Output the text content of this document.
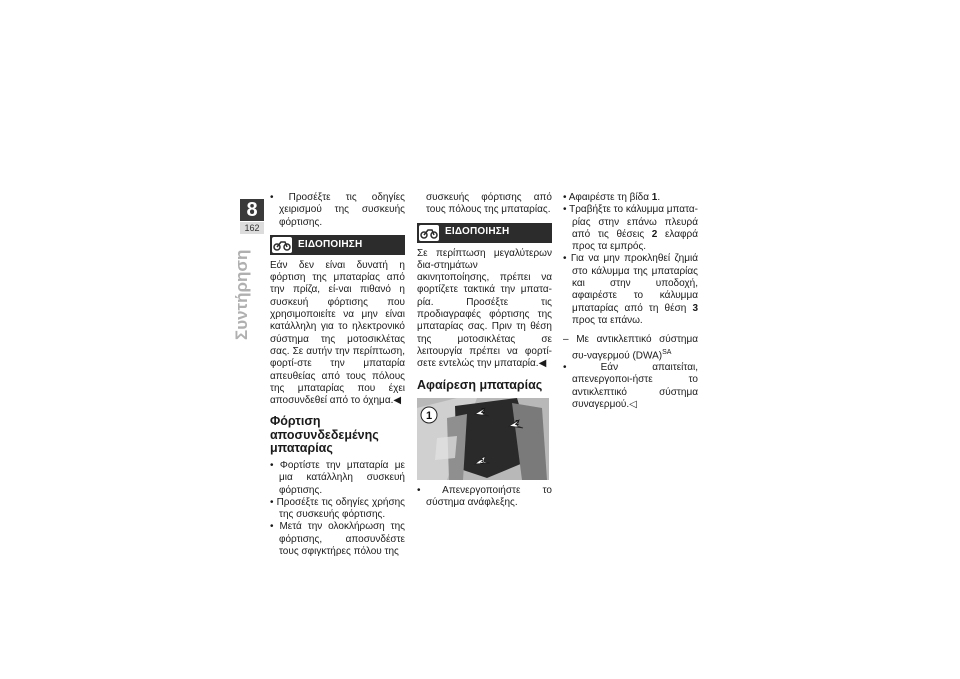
8
162
Συντήρηση

• Προσέξτε τις οδηγίες χειρισμού της συσκευής φόρτισης.

ΕΙΔΟΠΟΙΗΣΗ

Εάν δεν είναι δυνατή η φόρτιση της μπαταρίας από την πρίζα, εί-ναι πιθανό η συσκευή φόρτισης που χρησιμοποιείτε να μην είναι κατάλληλη για το ηλεκτρονικό σύστημα της μοτοσικλέτας σας. Σε αυτήν την περίπτωση, φορτί-στε την μπαταρία απευθείας από τους πόλους της μπαταρίας που έχει αποσυνδεθεί από το όχημα.◀

Φόρτιση αποσυνδεδεμένης μπαταρίας

• Φορτίστε την μπαταρία με μια κατάλληλη συσκευή φόρτισης.

• Προσέξτε τις οδηγίες χρήσης της συσκευής φόρτισης.

• Μετά την ολοκλήρωση της φόρτισης, αποσυνδέστε τους σφιγκτήρες πόλου της

συσκευής φόρτισης από τους πόλους της μπαταρίας.

ΕΙΔΟΠΟΙΗΣΗ

Σε περίπτωση μεγαλύτερων δια-στημάτων ακινητοποίησης, πρέπει να φορτίζετε τακτικά την μπατα-ρία. Προσέξτε τις προδιαγραφές φόρτισης της μπαταρίας σας. Πριν τη θέση της μοτοσικλέτας σε λειτουργία πρέπει να φορτί-σετε εντελώς την μπαταρία.◀

Αφαίρεση μπαταρίας
1	2
2
3

• Απενεργοποιήστε το σύστημα ανάφλεξης.

• Αφαιρέστε τη βίδα 1.

• Τραβήξτε το κάλυμμα μπατα-ρίας στην επάνω πλευρά από τις θέσεις 2 ελαφρά προς τα εμπρός.

• Για να μην προκληθεί ζημιά στο κάλυμμα της μπαταρίας και στην υποδοχή, αφαιρέστε το κάλυμμα μπαταρίας από τη θέση 3 προς τα επάνω.

– Με αντικλεπτικό σύστημα συ-ναγερμού (DWA)$^{SA}$

• Εάν απαιτείται, απενεργοποι-ήστε το αντικλεπτικό σύστημα συναγερμού.◁
